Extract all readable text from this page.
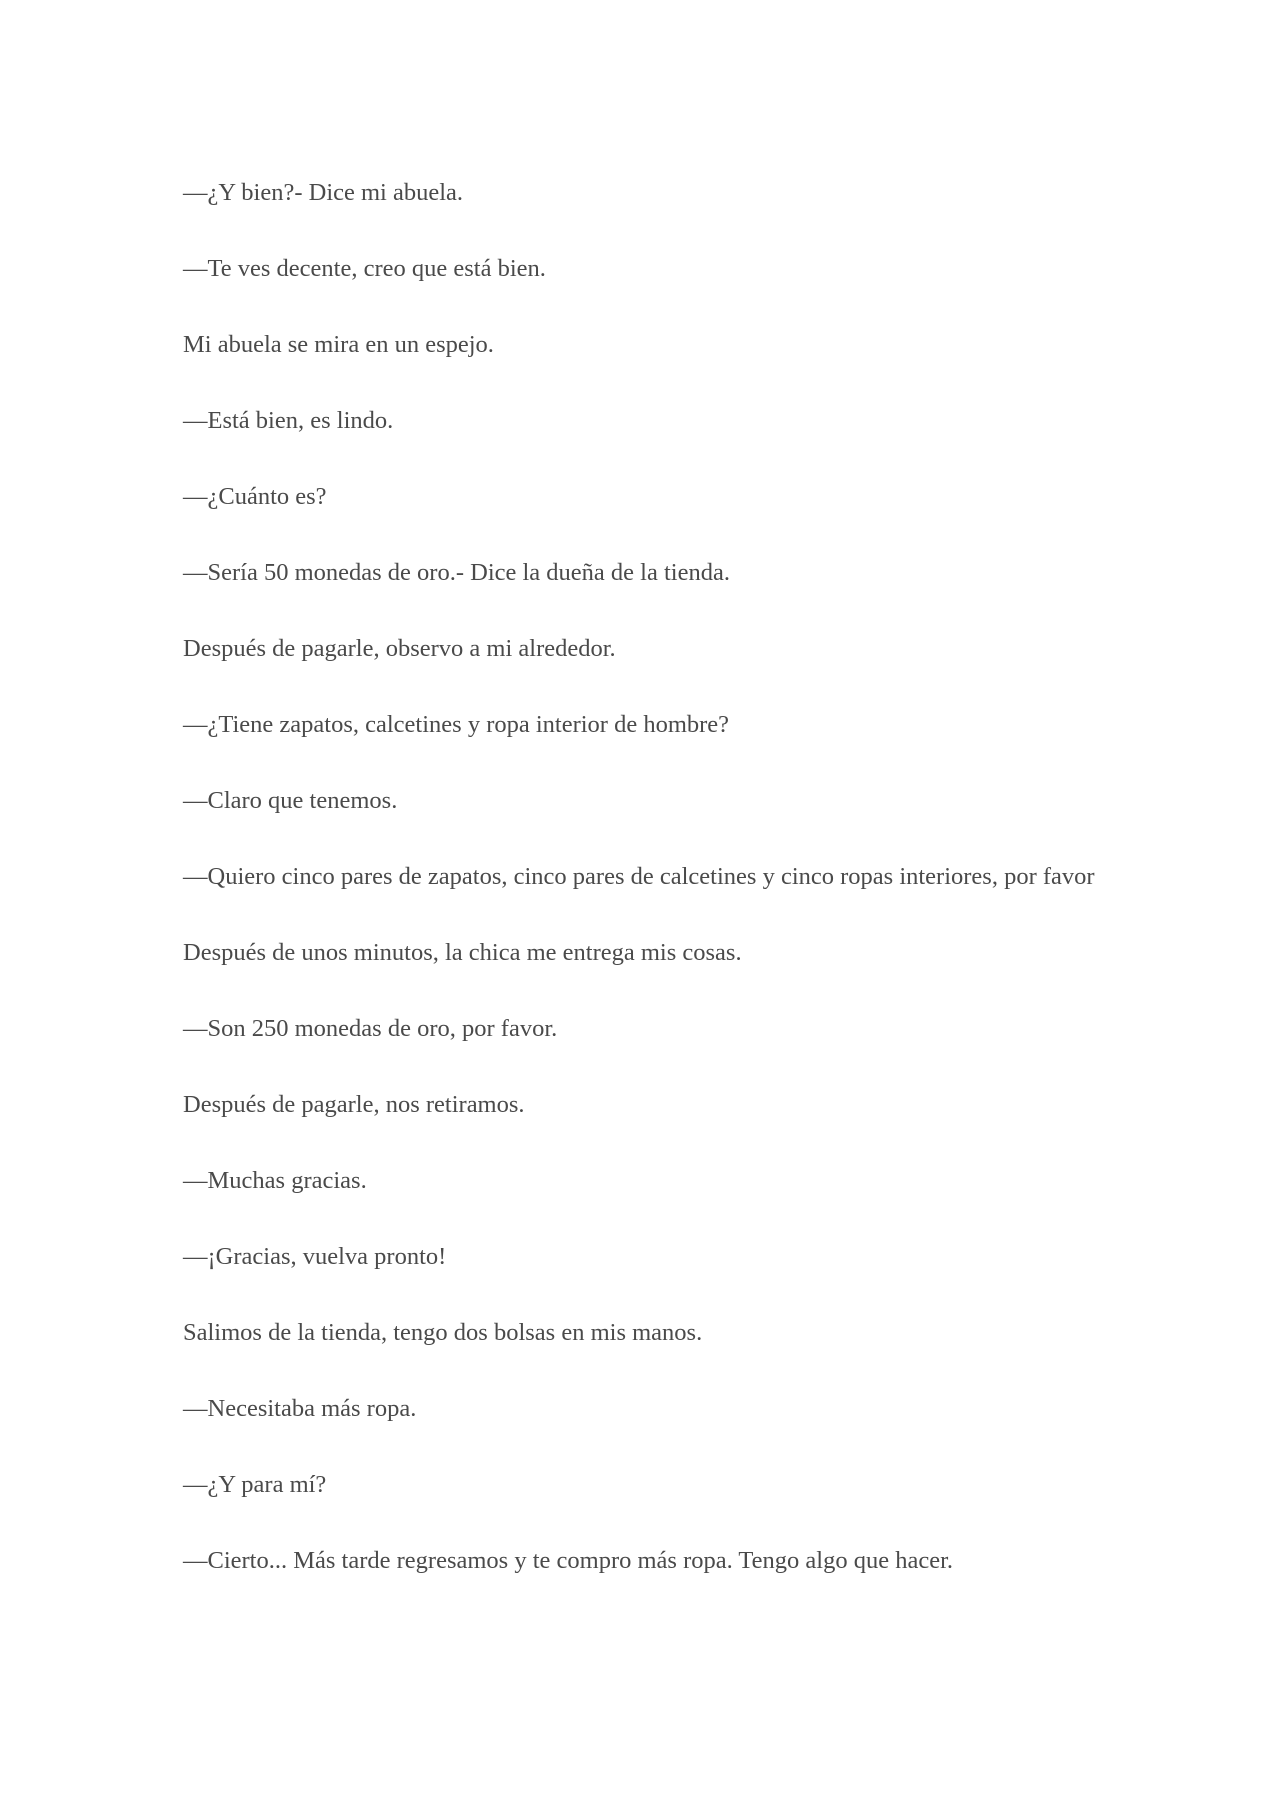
—¿Y bien?- Dice mi abuela.

—Te ves decente, creo que está bien.

Mi abuela se mira en un espejo.

—Está bien, es lindo.

—¿Cuánto es?

—Sería 50 monedas de oro.- Dice la dueña de la tienda.

Después de pagarle, observo a mi alrededor.

—¿Tiene zapatos, calcetines y ropa interior de hombre?

—Claro que tenemos.

—Quiero cinco pares de zapatos, cinco pares de calcetines y cinco ropas interiores, por favor

Después de unos minutos, la chica me entrega mis cosas.

—Son 250 monedas de oro, por favor.

Después de pagarle, nos retiramos.

—Muchas gracias.

—¡Gracias, vuelva pronto!

Salimos de la tienda, tengo dos bolsas en mis manos.

—Necesitaba más ropa.

—¿Y para mí?

—Cierto... Más tarde regresamos y te compro más ropa. Tengo algo que hacer.
